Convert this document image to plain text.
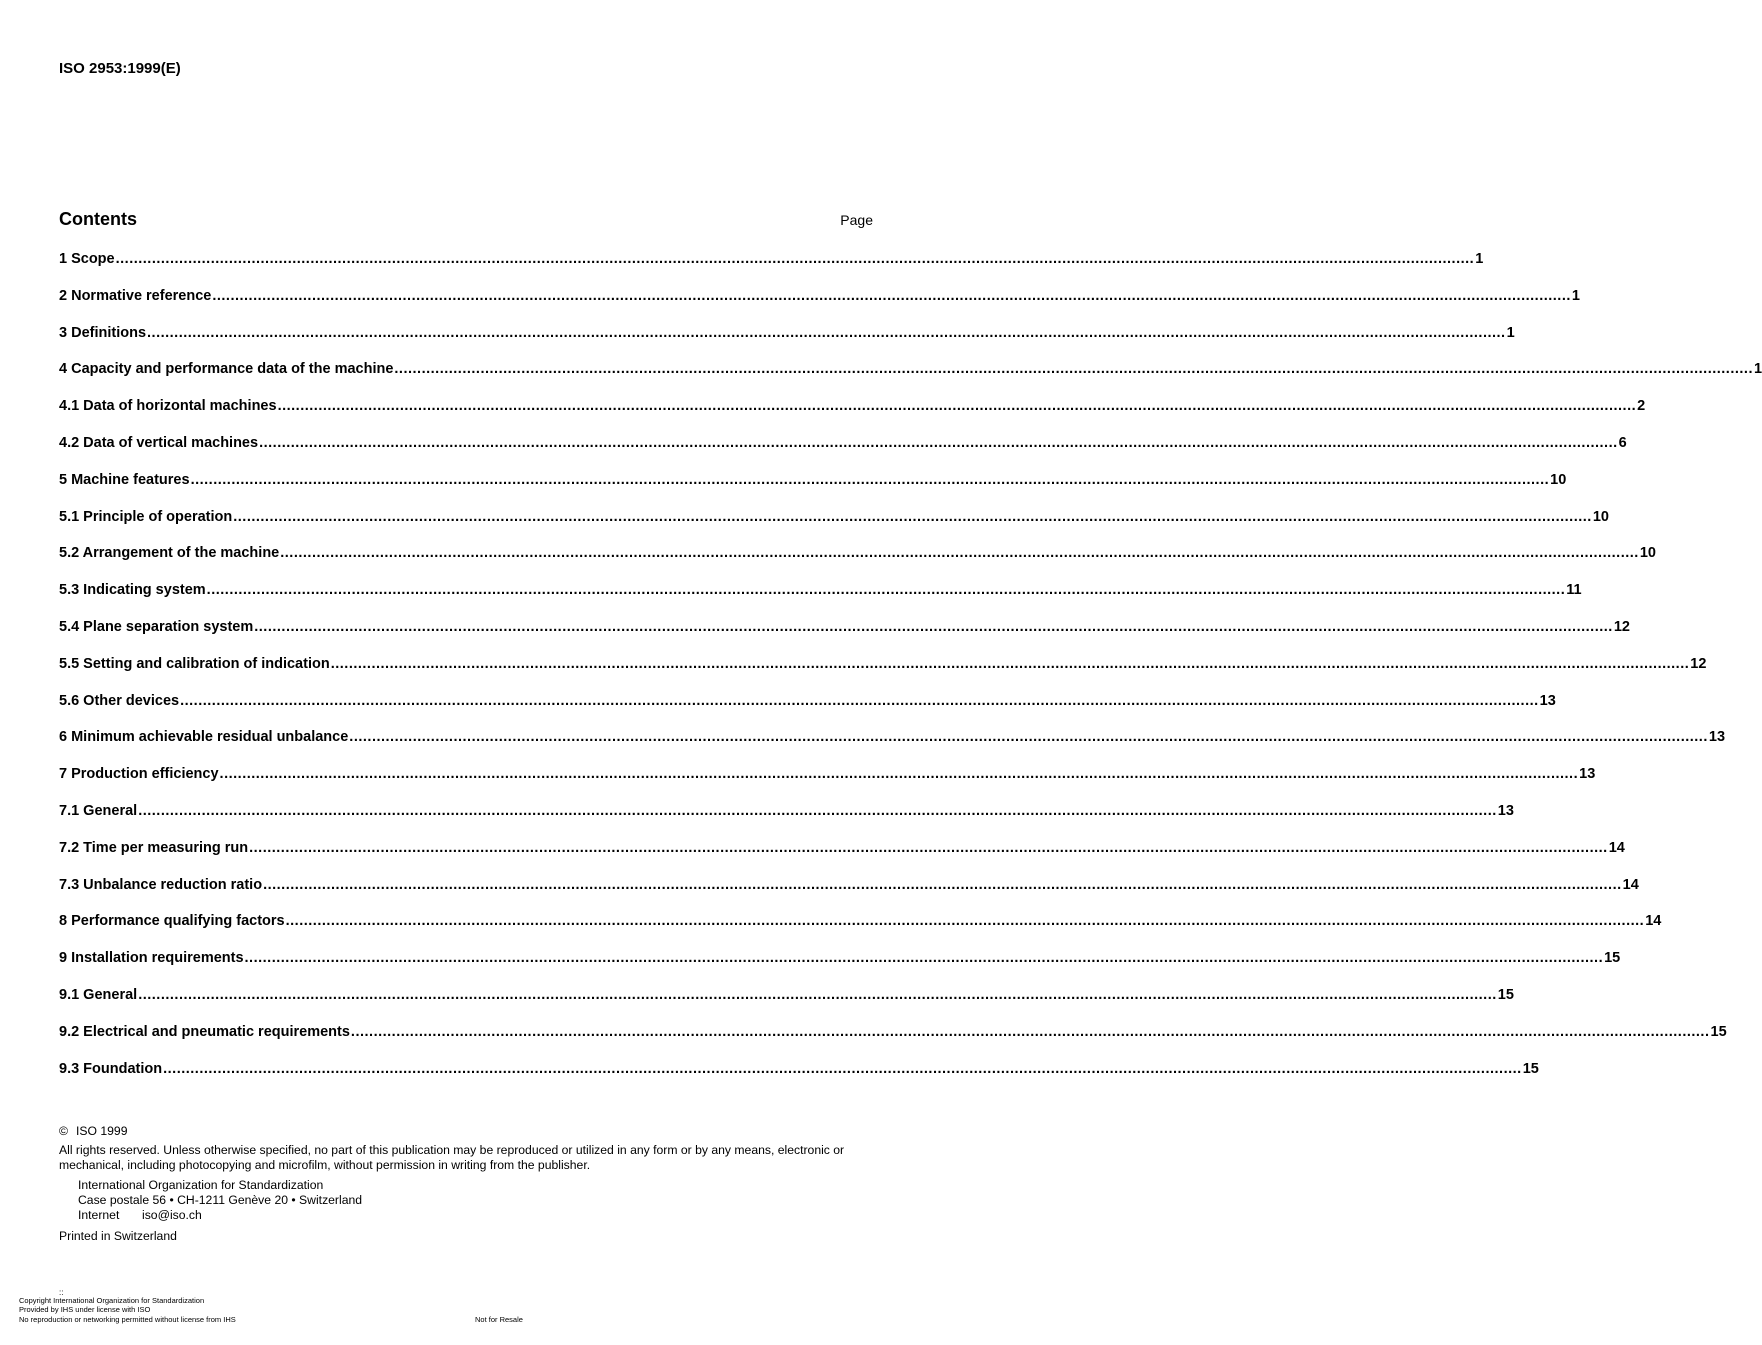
ISO 2953:1999(E)
Contents	Page
1 Scope ............................................................................................................................................................................................................................................................................................................ 1
2 Normative reference ............................................................................................................................................................................................................................................................................................................ 1
3 Definitions ............................................................................................................................................................................................................................................................................................................ 1
4 Capacity and performance data of the machine ............................................................................................................................................................................................................................................................................................................ 1
4.1 Data of horizontal machines ............................................................................................................................................................................................................................................................................................................ 2
4.2 Data of vertical machines ............................................................................................................................................................................................................................................................................................................ 6
5 Machine features ............................................................................................................................................................................................................................................................................................................ 10
5.1 Principle of operation ............................................................................................................................................................................................................................................................................................................ 10
5.2 Arrangement of the machine ............................................................................................................................................................................................................................................................................................................ 10
5.3 Indicating system ............................................................................................................................................................................................................................................................................................................ 11
5.4 Plane separation system ............................................................................................................................................................................................................................................................................................................ 12
5.5 Setting and calibration of indication ............................................................................................................................................................................................................................................................................................................ 12
5.6 Other devices ............................................................................................................................................................................................................................................................................................................ 13
6 Minimum achievable residual unbalance ............................................................................................................................................................................................................................................................................................................ 13
7 Production efficiency ............................................................................................................................................................................................................................................................................................................ 13
7.1 General ............................................................................................................................................................................................................................................................................................................ 13
7.2 Time per measuring run ............................................................................................................................................................................................................................................................................................................ 14
7.3 Unbalance reduction ratio ............................................................................................................................................................................................................................................................................................................ 14
8 Performance qualifying factors ............................................................................................................................................................................................................................................................................................................ 14
9 Installation requirements ............................................................................................................................................................................................................................................................................................................ 15
9.1 General ............................................................................................................................................................................................................................................................................................................ 15
9.2 Electrical and pneumatic requirements ............................................................................................................................................................................................................................................................................................................ 15
9.3 Foundation ............................................................................................................................................................................................................................................................................................................ 15

© ISO 1999

All rights reserved. Unless otherwise specified, no part of this publication may be reproduced or utilized in any form or by any means, electronic or mechanical, including photocopying and microfilm, without permission in writing from the publisher.

International Organization for Standardization
Case postale 56 • CH-1211 Genève 20 • Switzerland
Internet iso@iso.ch

Printed in Switzerland

::
Copyright International Organization for Standardization
Provided by IHS under license with ISO
No reproduction or networking permitted without license from IHS	Not for Resale
